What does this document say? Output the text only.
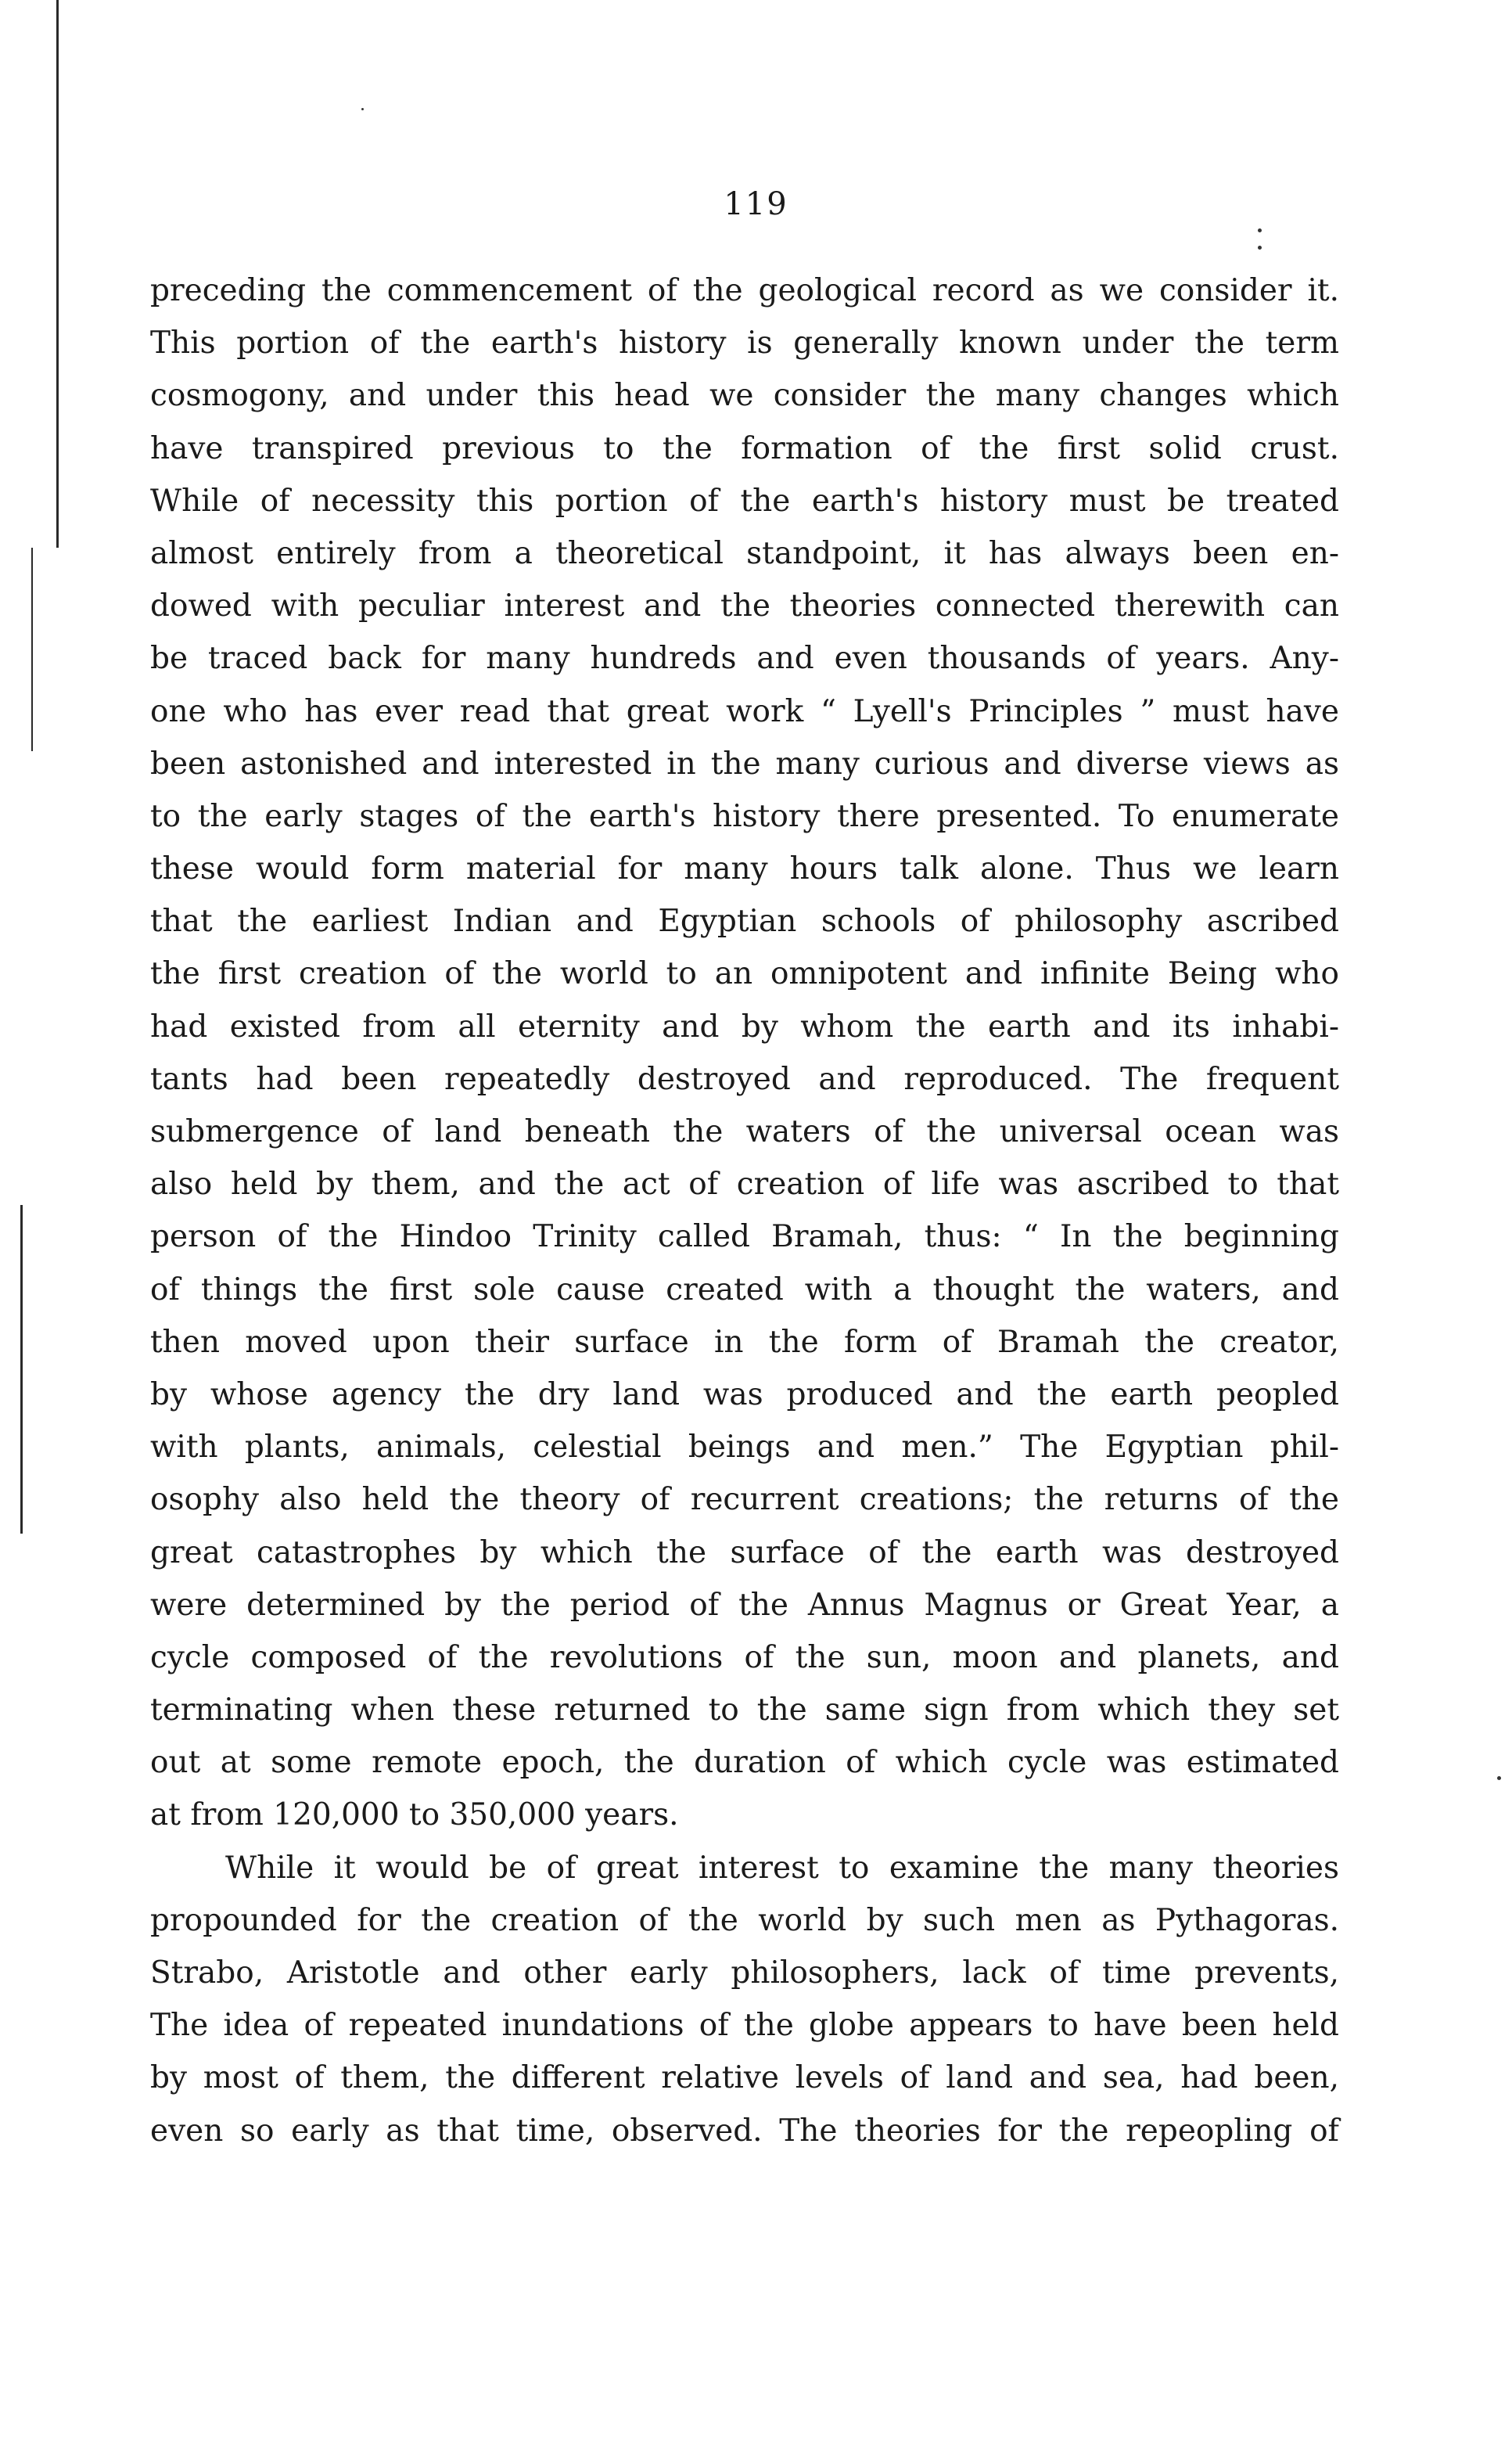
119
preceding the commencement of the geological record as we consider it.
This portion of the earth's history is generally known under the term
cosmogony, and under this head we consider the many changes which
have transpired previous to the formation of the first solid crust.
While of necessity this portion of the earth's history must be treated
almost entirely from a theoretical standpoint, it has always been en-
dowed with peculiar interest and the theories connected therewith can
be traced back for many hundreds and even thousands of years. Any-
one who has ever read that great work “ Lyell's Principles ” must have
been astonished and interested in the many curious and diverse views as
to the early stages of the earth's history there presented. To enumerate
these would form material for many hours talk alone. Thus we learn
that the earliest Indian and Egyptian schools of philosophy ascribed
the first creation of the world to an omnipotent and infinite Being who
had existed from all eternity and by whom the earth and its inhabi-
tants had been repeatedly destroyed and reproduced. The frequent
submergence of land beneath the waters of the universal ocean was
also held by them, and the act of creation of life was ascribed to that
person of the Hindoo Trinity called Bramah, thus: “ In the beginning
of things the first sole cause created with a thought the waters, and
then moved upon their surface in the form of Bramah the creator,
by whose agency the dry land was produced and the earth peopled
with plants, animals, celestial beings and men.” The Egyptian phil-
osophy also held the theory of recurrent creations; the returns of the
great catastrophes by which the surface of the earth was destroyed
were determined by the period of the Annus Magnus or Great Year, a
cycle composed of the revolutions of the sun, moon and planets, and
terminating when these returned to the same sign from which they set
out at some remote epoch, the duration of which cycle was estimated
at from 120,000 to 350,000 years.
While it would be of great interest to examine the many theories
propounded for the creation of the world by such men as Pythagoras.
Strabo, Aristotle and other early philosophers, lack of time prevents,
The idea of repeated inundations of the globe appears to have been held
by most of them, the different relative levels of land and sea, had been,
even so early as that time, observed. The theories for the repeopling of
